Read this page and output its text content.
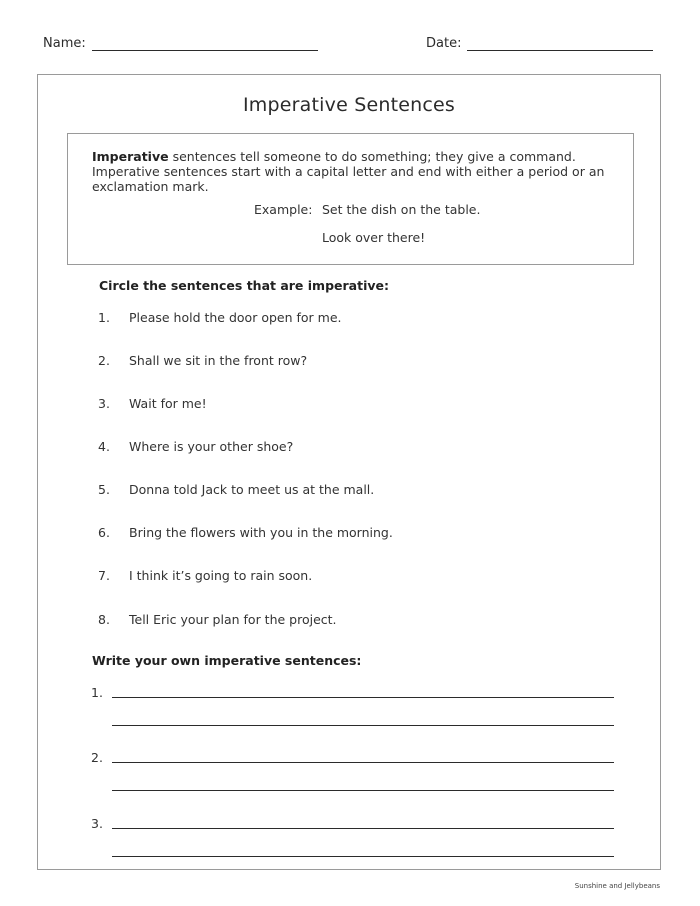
Name:	Date:
Imperative Sentences
Imperative sentences tell someone to do something; they give a command. Imperative sentences start with a capital letter and end with either a period or an exclamation mark.
Example: Set the dish on the table.
Look over there!
Circle the sentences that are imperative:
1.	Please hold the door open for me.
2.	Shall we sit in the front row?
3.	Wait for me!
4.	Where is your other shoe?
5.	Donna told Jack to meet us at the mall.
6.	Bring the flowers with you in the morning.
7.	I think it’s going to rain soon.
8.	Tell Eric your plan for the project.
Write your own imperative sentences:
1.
2.
3.
Sunshine and Jellybeans
